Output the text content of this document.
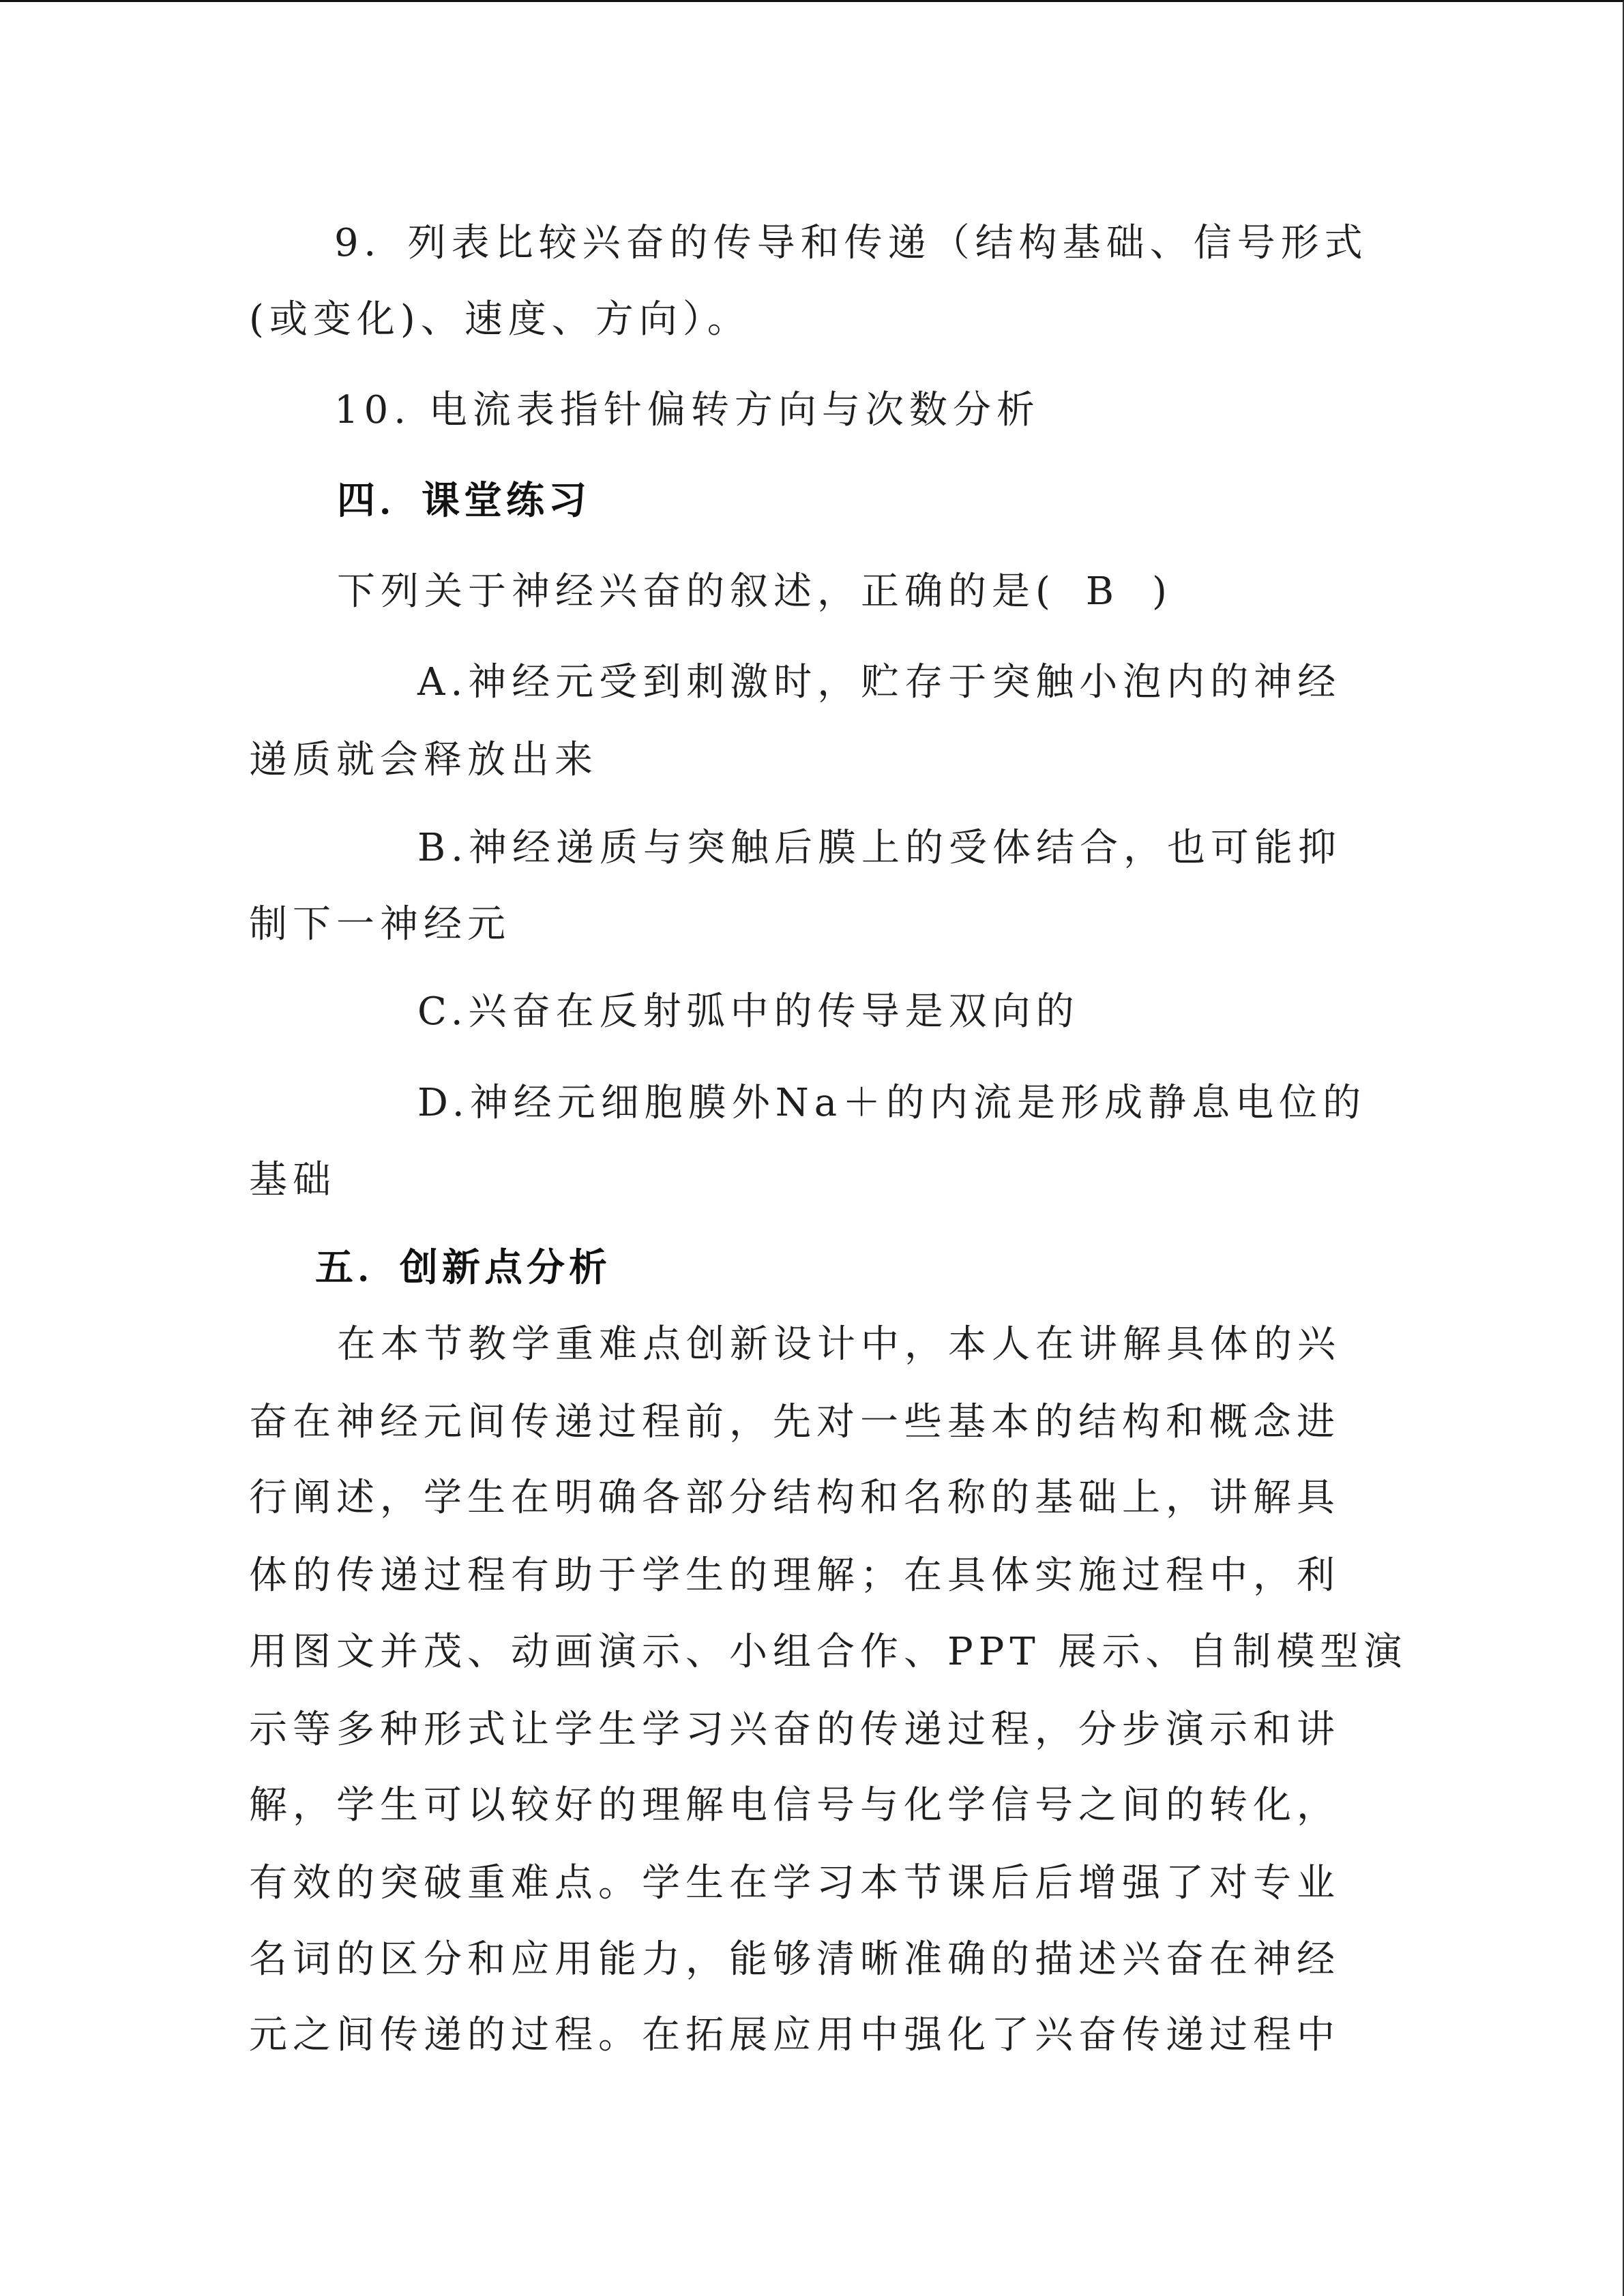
9．列表比较兴奋的传导和传递（结构基础、信号形式
(或变化)、速度、方向）。
10. 电流表指针偏转方向与次数分析
四．课堂练习
下列关于神经兴奋的叙述，正确的是( B )
A.神经元受到刺激时，贮存于突触小泡内的神经
递质就会释放出来
B.神经递质与突触后膜上的受体结合，也可能抑
制下一神经元
C.兴奋在反射弧中的传导是双向的
D.神经元细胞膜外Na＋的内流是形成静息电位的
基础
五．创新点分析
在本节教学重难点创新设计中，本人在讲解具体的兴
奋在神经元间传递过程前，先对一些基本的结构和概念进
行阐述，学生在明确各部分结构和名称的基础上，讲解具
体的传递过程有助于学生的理解；在具体实施过程中，利
用图文并茂、动画演示、小组合作、PPT 展示、自制模型演
示等多种形式让学生学习兴奋的传递过程，分步演示和讲
解，学生可以较好的理解电信号与化学信号之间的转化，
有效的突破重难点。学生在学习本节课后后增强了对专业
名词的区分和应用能力，能够清晰准确的描述兴奋在神经
元之间传递的过程。在拓展应用中强化了兴奋传递过程中
